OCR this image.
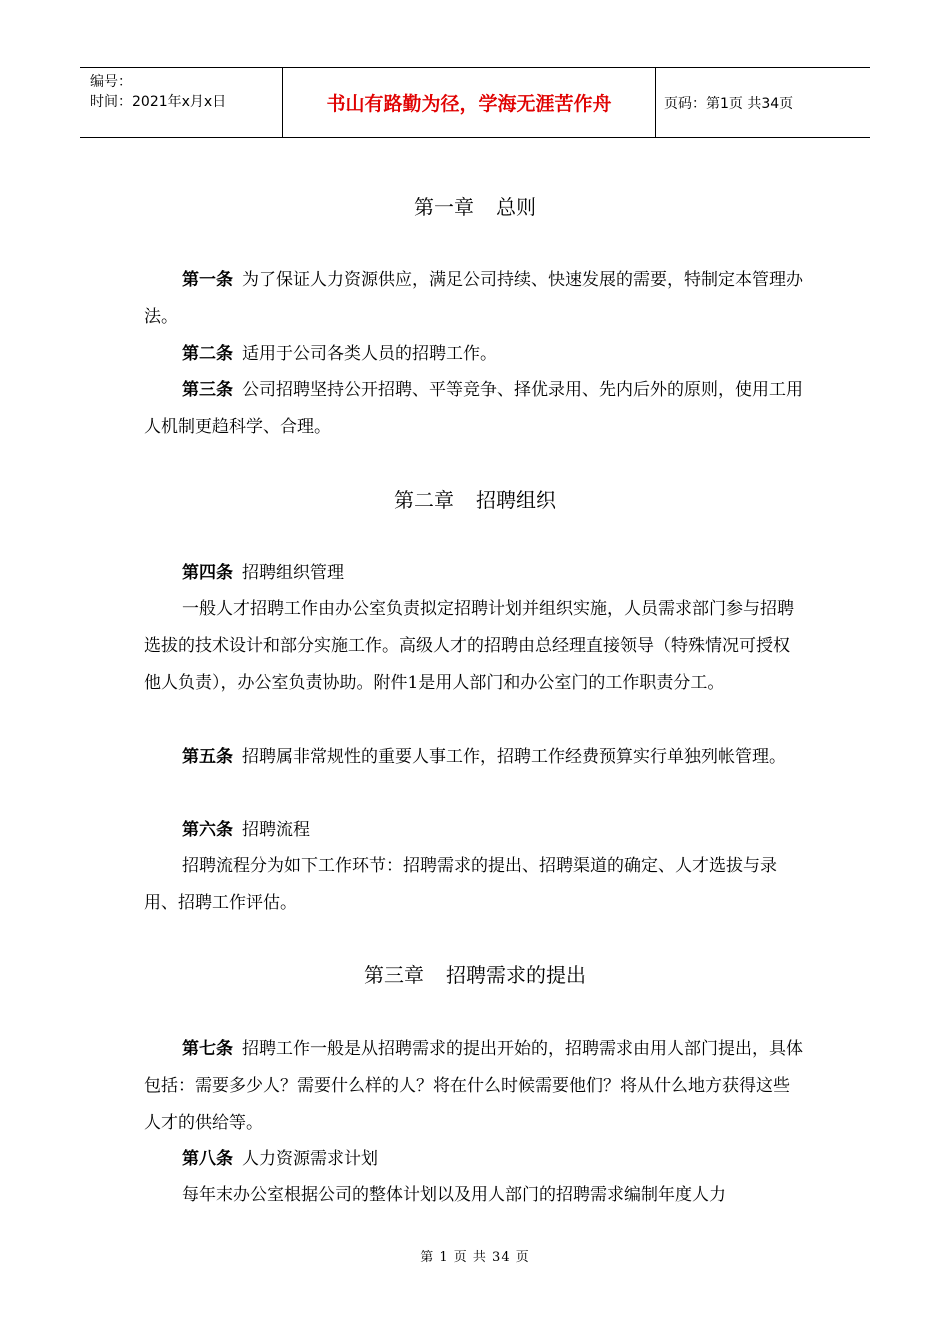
编号：
时间：2021年x月x日	书山有路勤为径，学海无涯苦作舟	页码：第1页 共34页
第一章 总则

第一条 为了保证人力资源供应，满足公司持续、快速发展的需要，特制定本管理办法。

第二条 适用于公司各类人员的招聘工作。

第三条 公司招聘坚持公开招聘、平等竞争、择优录用、先内后外的原则，使用工用人机制更趋科学、合理。

第二章 招聘组织

第四条 招聘组织管理

一般人才招聘工作由办公室负责拟定招聘计划并组织实施，人员需求部门参与招聘选拔的技术设计和部分实施工作。高级人才的招聘由总经理直接领导（特殊情况可授权他人负责），办公室负责协助。附件1是用人部门和办公室门的工作职责分工。

第五条 招聘属非常规性的重要人事工作，招聘工作经费预算实行单独列帐管理。

第六条 招聘流程

招聘流程分为如下工作环节：招聘需求的提出、招聘渠道的确定、人才选拔与录用、招聘工作评估。

第三章 招聘需求的提出

第七条 招聘工作一般是从招聘需求的提出开始的，招聘需求由用人部门提出，具体包括：需要多少人？需要什么样的人？将在什么时候需要他们？将从什么地方获得这些人才的供给等。

第八条 人力资源需求计划

每年末办公室根据公司的整体计划以及用人部门的招聘需求编制年度人力

第 1 页 共 34 页
